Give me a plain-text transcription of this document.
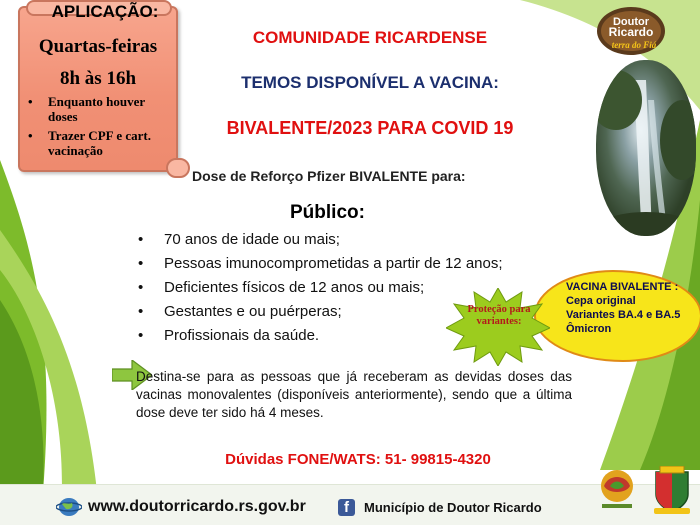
Doutor
Ricardo
terra do Fiá
APLICAÇÃO:
Quartas-feiras
8h às 16h
• Enquanto houver doses
• Trazer CPF e cart. vacinação
COMUNIDADE RICARDENSE
TEMOS DISPONÍVEL A VACINA:
BIVALENTE/2023 PARA COVID 19
Dose de Reforço Pfizer BIVALENTE para:
Público:
• 70 anos de idade ou mais;
• Pessoas imunocomprometidas a partir de 12 anos;
• Deficientes físicos de 12 anos ou mais;
• Gestantes e ou puérperas;
• Profissionais da saúde.
VACINA BIVALENTE :
Cepa original
Variantes BA.4 e BA.5
Ômicron
Proteção para variantes:
Destina-se para as pessoas que já receberam as devidas doses das vacinas monovalentes (disponíveis anteriormente), sendo que a última dose deve ter sido há 4 meses.
Dúvidas FONE/WATS: 51- 99815-4320
www.doutorricardo.rs.gov.br	f Município de Doutor Ricardo
